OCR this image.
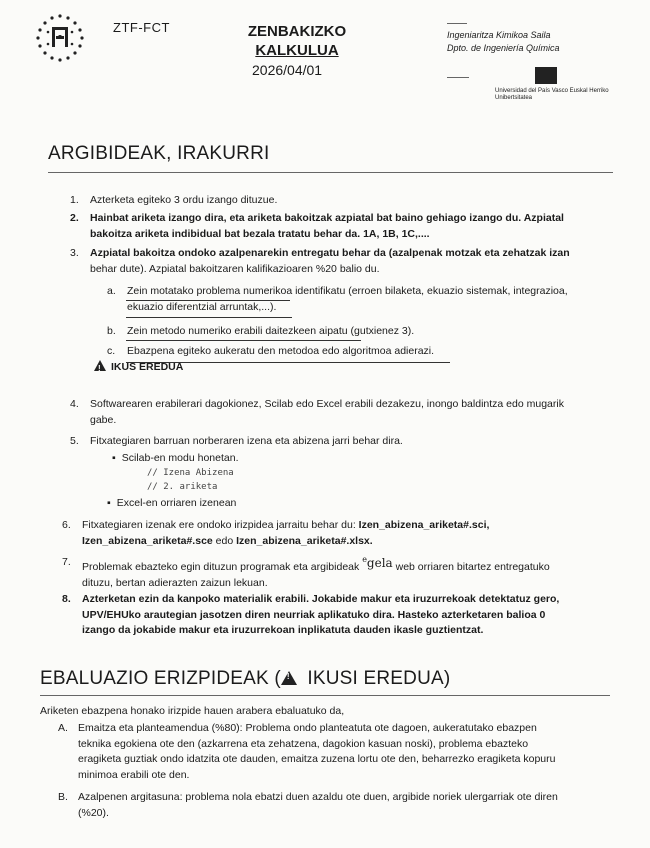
ZTF-FCT	ZENBAKIZKO
KALKULUA
2026/04/01
Ingeniaritza Kimikoa Saila
Dpto. de Ingeniería Química
Universidad del País Vasco Euskal Herriko Unibertsitatea
ARGIBIDEAK, IRAKURRI
1. Azterketa egiteko 3 ordu izango dituzue.
2. Hainbat ariketa izango dira, eta ariketa bakoitzak azpiatal bat baino gehiago izango du. Azpiatal
bakoitza ariketa indibidual bat bezala tratatu behar da. 1A, 1B, 1C,....
3. Azpiatal bakoitza ondoko azalpenarekin entregatu behar da (azalpenak motzak eta zehatzak izan
behar dute). Azpiatal bakoitzaren kalifikazioaren %20 balio du.
a. Zein motatako problema numerikoa identifikatu (erroen bilaketa, ekuazio sistemak, integrazioa,
ekuazio diferentzial arruntak,...).
b. Zein metodo numeriko erabili daitezkeen aipatu (gutxienez 3).
c. Ebazpena egiteko aukeratu den metodoa edo algoritmoa adierazi.
!IKUS EREDUA
4. Softwarearen erabilerari dagokionez, Scilab edo Excel erabili dezakezu, inongo baldintza edo mugarik
gabe.
5. Fitxategiaren barruan norberaren izena eta abizena jarri behar dira.
▪ Scilab-en modu honetan.
// Izena Abizena
// 2. ariketa
▪ Excel-en orriaren izenean
6. Fitxategiaren izenak ere ondoko irizpidea jarraitu behar du: Izen_abizena_ariketa#.sci,
Izen_abizena_ariketa#.sce edo Izen_abizena_ariketa#.xlsx.
7. Problemak ebazteko egin dituzun programak eta argibideak $^e$gela web orriaren bitartez entregatuko
dituzu, bertan adierazten zaizun lekuan.
8. Azterketan ezin da kanpoko materialik erabili. Jokabide makur eta iruzurrekoak detektatuz gero,
UPV/EHUko arautegian jasotzen diren neurriak aplikatuko dira. Hasteko azterketaren balioa 0
izango da jokabide makur eta iruzurrekoan inplikatuta dauden ikasle guztientzat.
EBALUAZIO ERIZPIDEAK (! IKUSI EREDUA)
Ariketen ebazpena honako irizpide hauen arabera ebaluatuko da,
A. Emaitza eta planteamendua (%80): Problema ondo planteatuta ote dagoen, aukeratutako ebazpen
teknika egokiena ote den (azkarrena eta zehatzena, dagokion kasuan noski), problema ebazteko
eragiketa guztiak ondo idatzita ote dauden, emaitza zuzena lortu ote den, beharrezko eragiketa kopuru
minimoa erabili ote den.
B. Azalpenen argitasuna: problema nola ebatzi duen azaldu ote duen, argibide noriek ulergarriak ote diren
(%20).
